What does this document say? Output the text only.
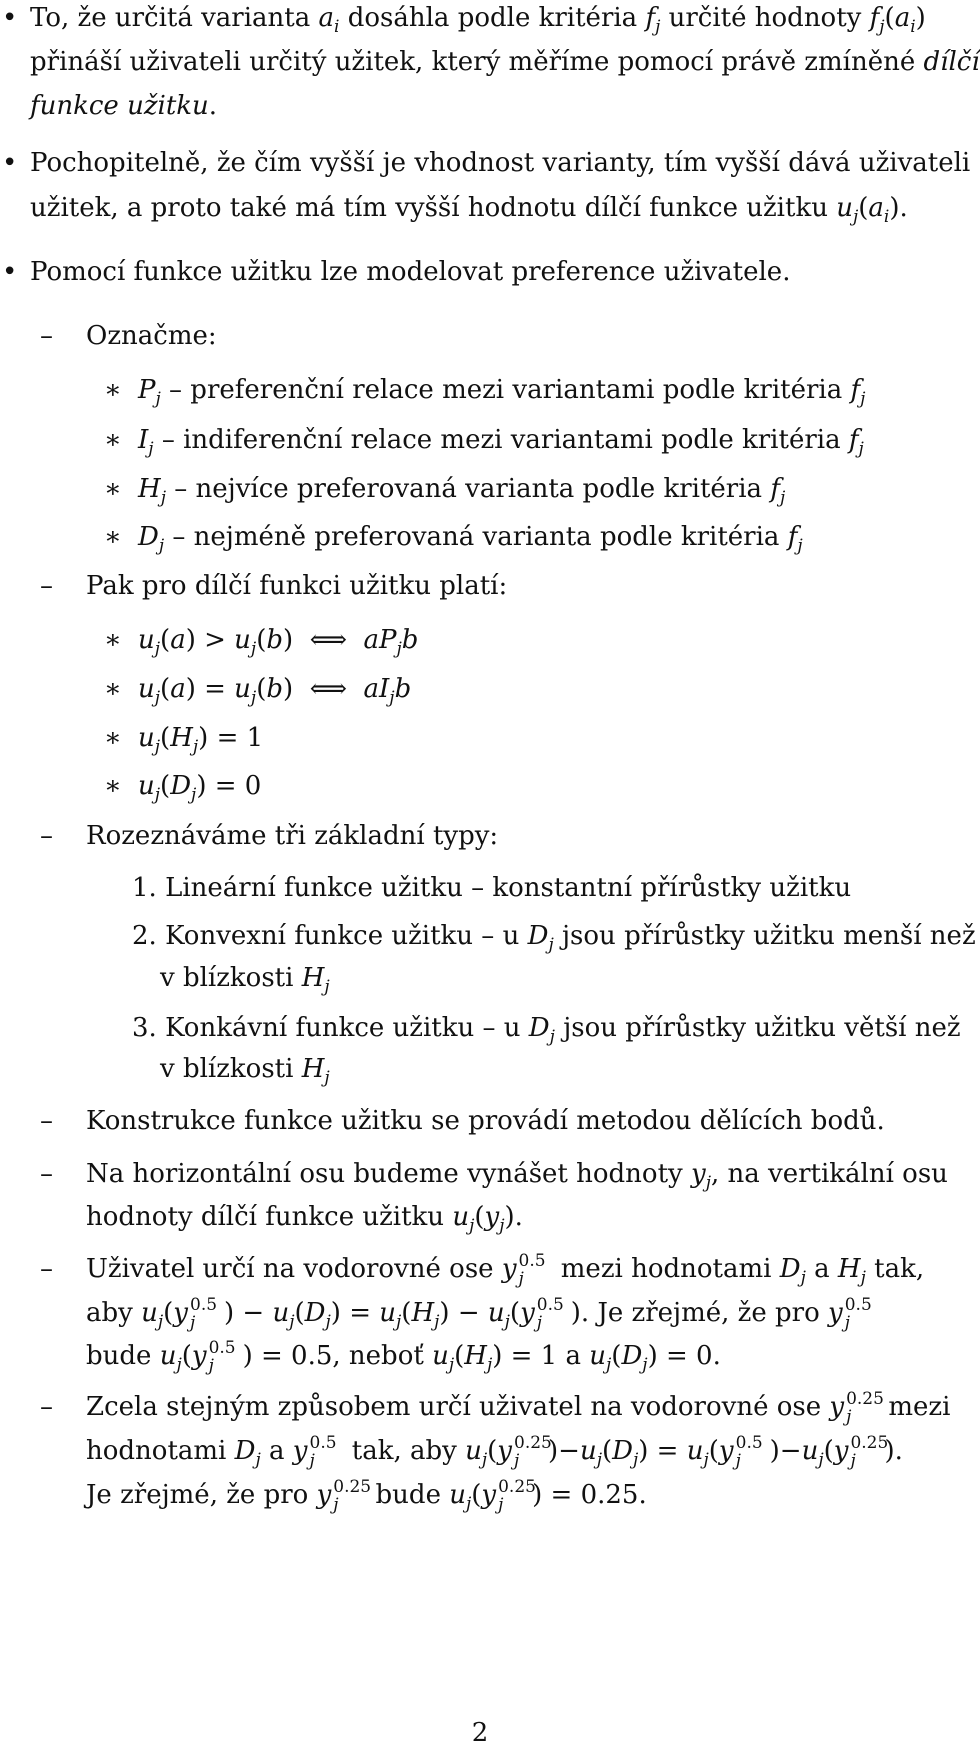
• To, že určitá varianta $a_i$ dosáhla podle kritéria $f_j$ určité hodnoty $f_j(a_i)$
přináší uživateli určitý užitek, který měříme pomocí právě zmíněné dílčí
funkce užitku.
• Pochopitelně, že čím vyšší je vhodnost varianty, tím vyšší dává uživateli
užitek, a proto také má tím vyšší hodnotu dílčí funkce užitku $u_j(a_i)$.
• Pomocí funkce užitku lze modelovat preference uživatele.
– Označme:
∗ $P_j$ – preferenční relace mezi variantami podle kritéria $f_j$
∗ $I_j$ – indiferenční relace mezi variantami podle kritéria $f_j$
∗ $H_j$ – nejvíce preferovaná varianta podle kritéria $f_j$
∗ $D_j$ – nejméně preferovaná varianta podle kritéria $f_j$
– Pak pro dílčí funkci užitku platí:
∗ $u_j(a) > u_j(b)$  ⟺  $aP_jb$
∗ $u_j(a) = u_j(b)$  ⟺  $aI_jb$
∗ $u_j(H_j) = 1$
∗ $u_j(D_j) = 0$
– Rozeznáváme tři základní typy:
1. Lineární funkce užitku – konstantní přírůstky užitku
2. Konvexní funkce užitku – u $D_j$ jsou přírůstky užitku menší než
v blízkosti $H_j$
3. Konkávní funkce užitku – u $D_j$ jsou přírůstky užitku větší než
v blízkosti $H_j$
– Konstrukce funkce užitku se provádí metodou dělících bodů.
– Na horizontální osu budeme vynášet hodnoty $y_j$, na vertikální osu
hodnoty dílčí funkce užitku $u_j(y_j)$.
– Uživatel určí na vodorovné ose y 0.5
j mezi hodnotami $D_j$ a $H_j$ tak,
aby $u_j(y$ 0.5
j ) − $u_j(D_j) = u_j(H_j) - u_j(y$ 0.5
j ). Je zřejmé, že pro y 0.5
j
bude $u_j(y$ 0.5
j ) = 0.5, neboť $u_j(H_j) = 1$ a $u_j(D_j) = 0$.
– Zcela stejným způsobem určí uživatel na vodorovné ose y 0.25
j mezi
hodnotami $D_j$ a y 0.5
j tak, aby $u_j(y$ 0.25
j )$-u_j(D_j) = u_j(y$ 0.5
j )$-u_j(y$ 0.25
j ).
Je zřejmé, že pro y 0.25
j bude $u_j(y$ 0.25
j ) = 0.25.
2
